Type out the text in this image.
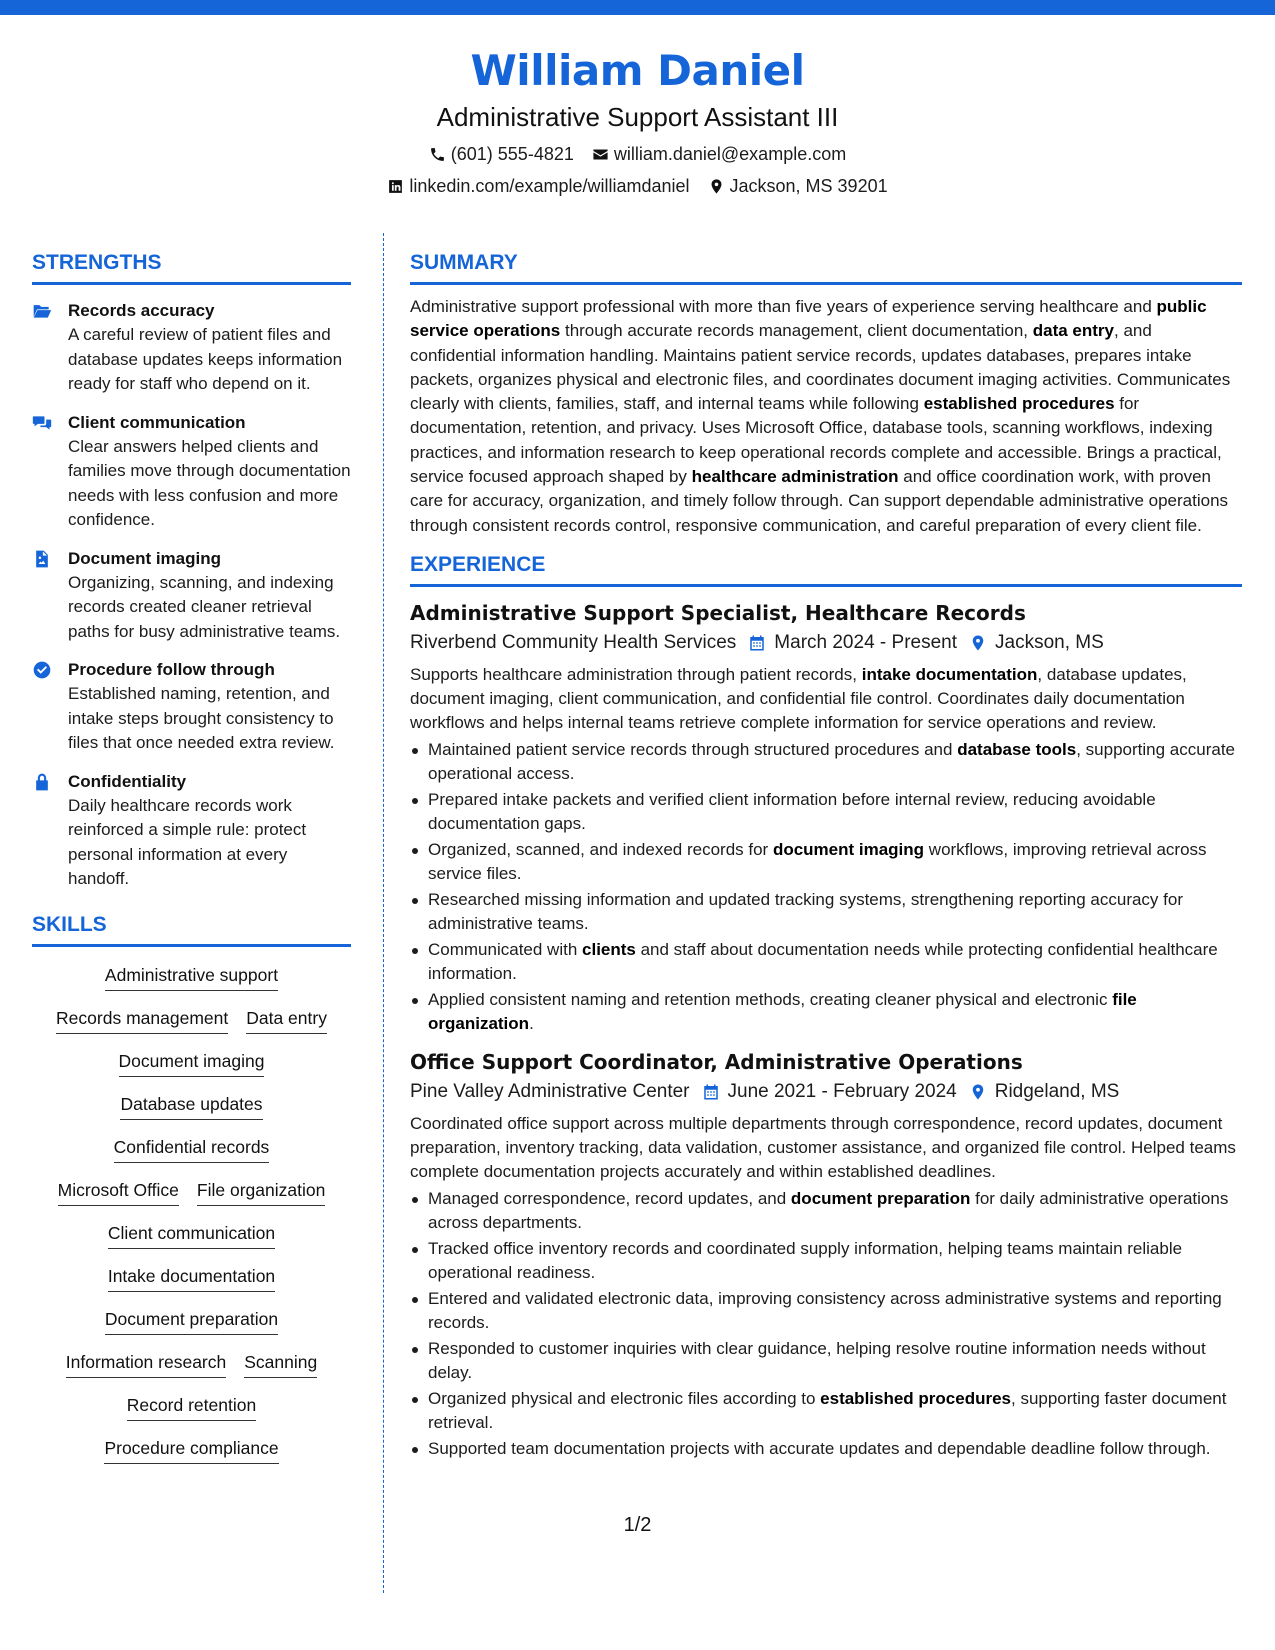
William Daniel
Administrative Support Assistant III
(601) 555-4821 william.daniel@example.com
linkedin.com/example/williamdaniel Jackson, MS 39201
STRENGTHS
Records accuracy
A careful review of patient files and database updates keeps information ready for staff who depend on it.
Client communication
Clear answers helped clients and families move through documentation needs with less confusion and more confidence.
Document imaging
Organizing, scanning, and indexing records created cleaner retrieval paths for busy administrative teams.
Procedure follow through
Established naming, retention, and intake steps brought consistency to files that once needed extra review.
Confidentiality
Daily healthcare records work reinforced a simple rule: protect personal information at every handoff.
SKILLS
Administrative support
Records management Data entry
Document imaging
Database updates
Confidential records
Microsoft Office File organization
Client communication
Intake documentation
Document preparation
Information research Scanning
Record retention
Procedure compliance
SUMMARY

Administrative support professional with more than five years of experience serving healthcare and public service operations through accurate records management, client documentation, data entry, and confidential information handling. Maintains patient service records, updates databases, prepares intake packets, organizes physical and electronic files, and coordinates document imaging activities. Communicates clearly with clients, families, staff, and internal teams while following established procedures for documentation, retention, and privacy. Uses Microsoft Office, database tools, scanning workflows, indexing practices, and information research to keep operational records complete and accessible. Brings a practical, service focused approach shaped by healthcare administration and office coordination work, with proven care for accuracy, organization, and timely follow through. Can support dependable administrative operations through consistent records control, responsive communication, and careful preparation of every client file.

EXPERIENCE
Administrative Support Specialist, Healthcare Records
Riverbend Community Health Services March 2024 - Present Jackson, MS

Supports healthcare administration through patient records, intake documentation, database updates, document imaging, client communication, and confidential file control. Coordinates daily documentation workflows and helps internal teams retrieve complete information for service operations and review.

Maintained patient service records through structured procedures and database tools, supporting accurate operational access.
Prepared intake packets and verified client information before internal review, reducing avoidable documentation gaps.
Organized, scanned, and indexed records for document imaging workflows, improving retrieval across service files.
Researched missing information and updated tracking systems, strengthening reporting accuracy for administrative teams.
Communicated with clients and staff about documentation needs while protecting confidential healthcare information.
Applied consistent naming and retention methods, creating cleaner physical and electronic file organization.
Office Support Coordinator, Administrative Operations
Pine Valley Administrative Center June 2021 - February 2024 Ridgeland, MS

Coordinated office support across multiple departments through correspondence, record updates, document preparation, inventory tracking, data validation, customer assistance, and organized file control. Helped teams complete documentation projects accurately and within established deadlines.

Managed correspondence, record updates, and document preparation for daily administrative operations across departments.
Tracked office inventory records and coordinated supply information, helping teams maintain reliable operational readiness.
Entered and validated electronic data, improving consistency across administrative systems and reporting records.
Responded to customer inquiries with clear guidance, helping resolve routine information needs without delay.
Organized physical and electronic files according to established procedures, supporting faster document retrieval.
Supported team documentation projects with accurate updates and dependable deadline follow through.
1/2
